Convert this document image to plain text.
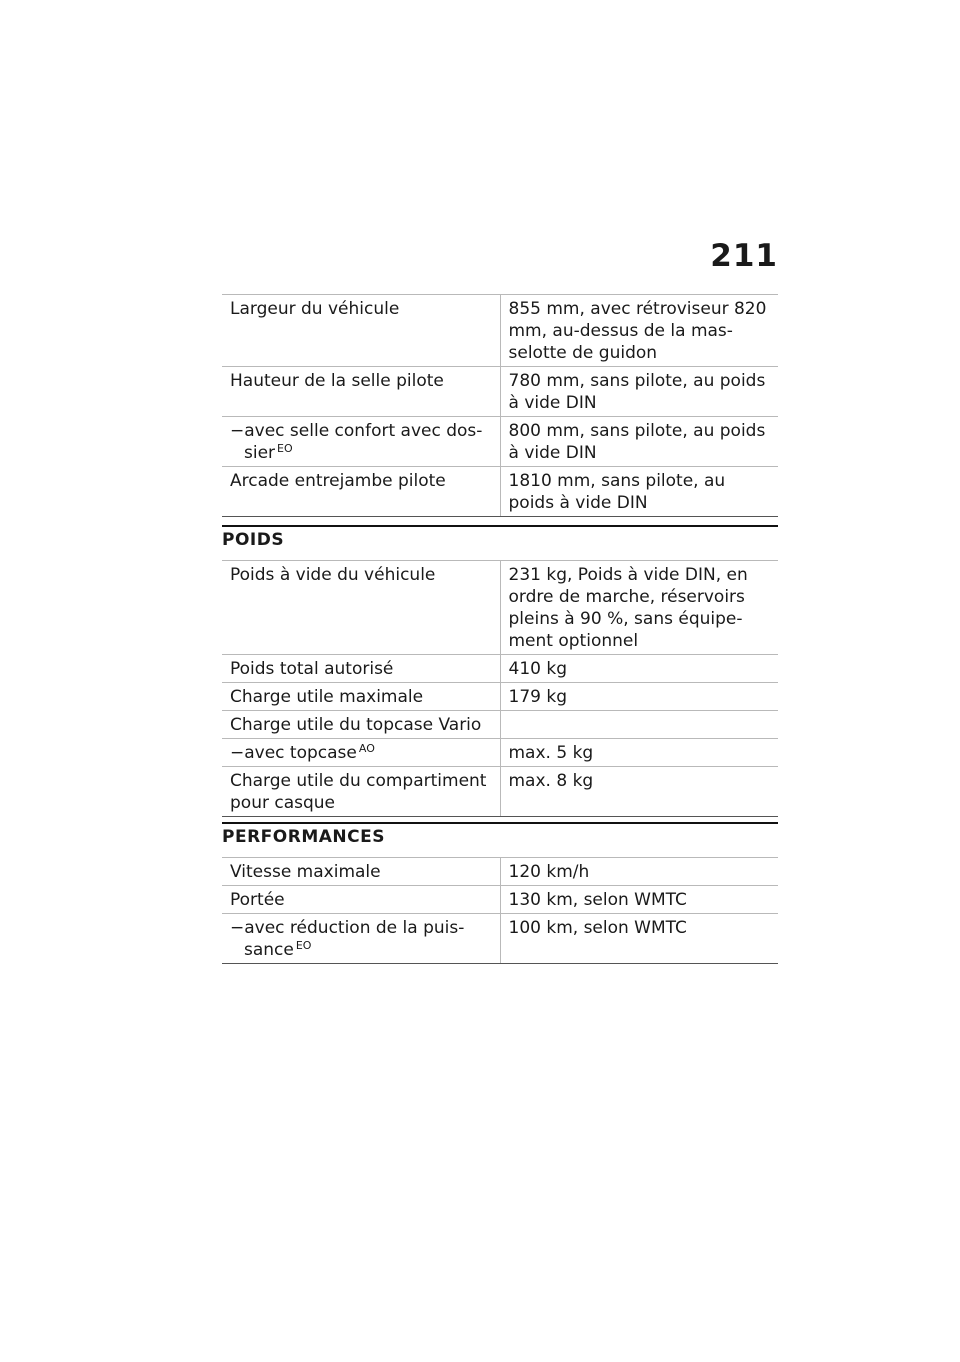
211
Largeur du véhicule	855 mm, avec rétroviseur 820 mm, au-dessus de la mas- selotte de guidon
Hauteur de la selle pilote	780 mm, sans pilote, au poids à vide DIN

−avec selle confort avec dos- sier $^{EO}$	800 mm, sans pilote, au poids à vide DIN
Arcade entrejambe pilote	1810 mm, sans pilote, au poids à vide DIN
POIDS
Poids à vide du véhicule	231 kg, Poids à vide DIN, en ordre de marche, réservoirs pleins à 90 %, sans équipe- ment optionnel
Poids total autorisé	410 kg
Charge utile maximale	179 kg
Charge utile du topcase Vario	

−avec topcase $^{AO}$	max. 5 kg
Charge utile du compartiment pour casque	max. 8 kg
PERFORMANCES
Vitesse maximale	120 km/h
Portée	130 km, selon WMTC

−avec réduction de la puis- sance $^{EO}$	100 km, selon WMTC
